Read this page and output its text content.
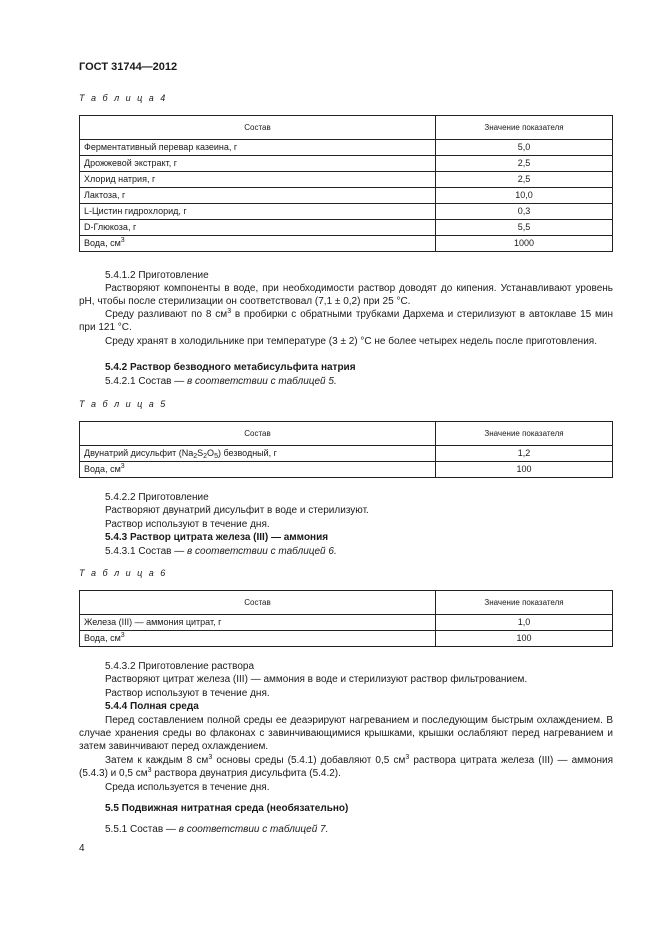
ГОСТ 31744—2012
Т а б л и ц а 4
Состав	Значение показателя
Ферментативный перевар казеина, г	5,0
Дрожжевой экстракт, г	2,5
Хлорид натрия, г	2,5
Лактоза, г	10,0
L-Цистин гидрохлорид, г	0,3
D-Глюкоза, г	5,5
Вода, $см^3$	1000
5.4.1.2 Приготовление
Растворяют компоненты в воде, при необходимости раствор доводят до кипения. Устанавливают уровень рН, чтобы после стерилизации он соответствовал (7,1 ± 0,2) при 25 °С.
Среду разливают по 8 $см^3$ в пробирки с обратными трубками Дархема и стерилизуют в автоклаве 15 мин при 121 °С.
Среду хранят в холодильнике при температуре (3 ± 2) °С не более четырех недель после приготовления.
5.4.2 Раствор безводного метабисульфита натрия
5.4.2.1 Состав — в соответствии с таблицей 5.
Т а б л и ц а 5
Состав	Значение показателя
Двунатрий дисульфит $(Na_2S_2O_5)$ безводный, г	1,2
Вода, $см^3$	100
5.4.2.2 Приготовление
Растворяют двунатрий дисульфит в воде и стерилизуют.
Раствор используют в течение дня.
5.4.3 Раствор цитрата железа (III) — аммония
5.4.3.1 Состав — в соответствии с таблицей 6.
Т а б л и ц а 6
Состав	Значение показателя
Железа (III) — аммония цитрат, г	1,0
Вода, $см^3$	100
5.4.3.2 Приготовление раствора
Растворяют цитрат железа (III) — аммония в воде и стерилизуют раствор фильтрованием.
Раствор используют в течение дня.
5.4.4 Полная среда
Перед составлением полной среды ее деаэрируют нагреванием и последующим быстрым охлаждением. В случае хранения среды во флаконах с завинчивающимися крышками, крышки ослабляют перед нагреванием и затем завинчивают перед охлаждением.
Затем к каждым 8 $см^3$ основы среды (5.4.1) добавляют 0,5 $см^3$ раствора цитрата железа (III) — аммония (5.4.3) и 0,5 $см^3$ раствора двунатрия дисульфита (5.4.2).
Среда используется в течение дня.
5.5 Подвижная нитратная среда (необязательно)
5.5.1 Состав — в соответствии с таблицей 7.
4
